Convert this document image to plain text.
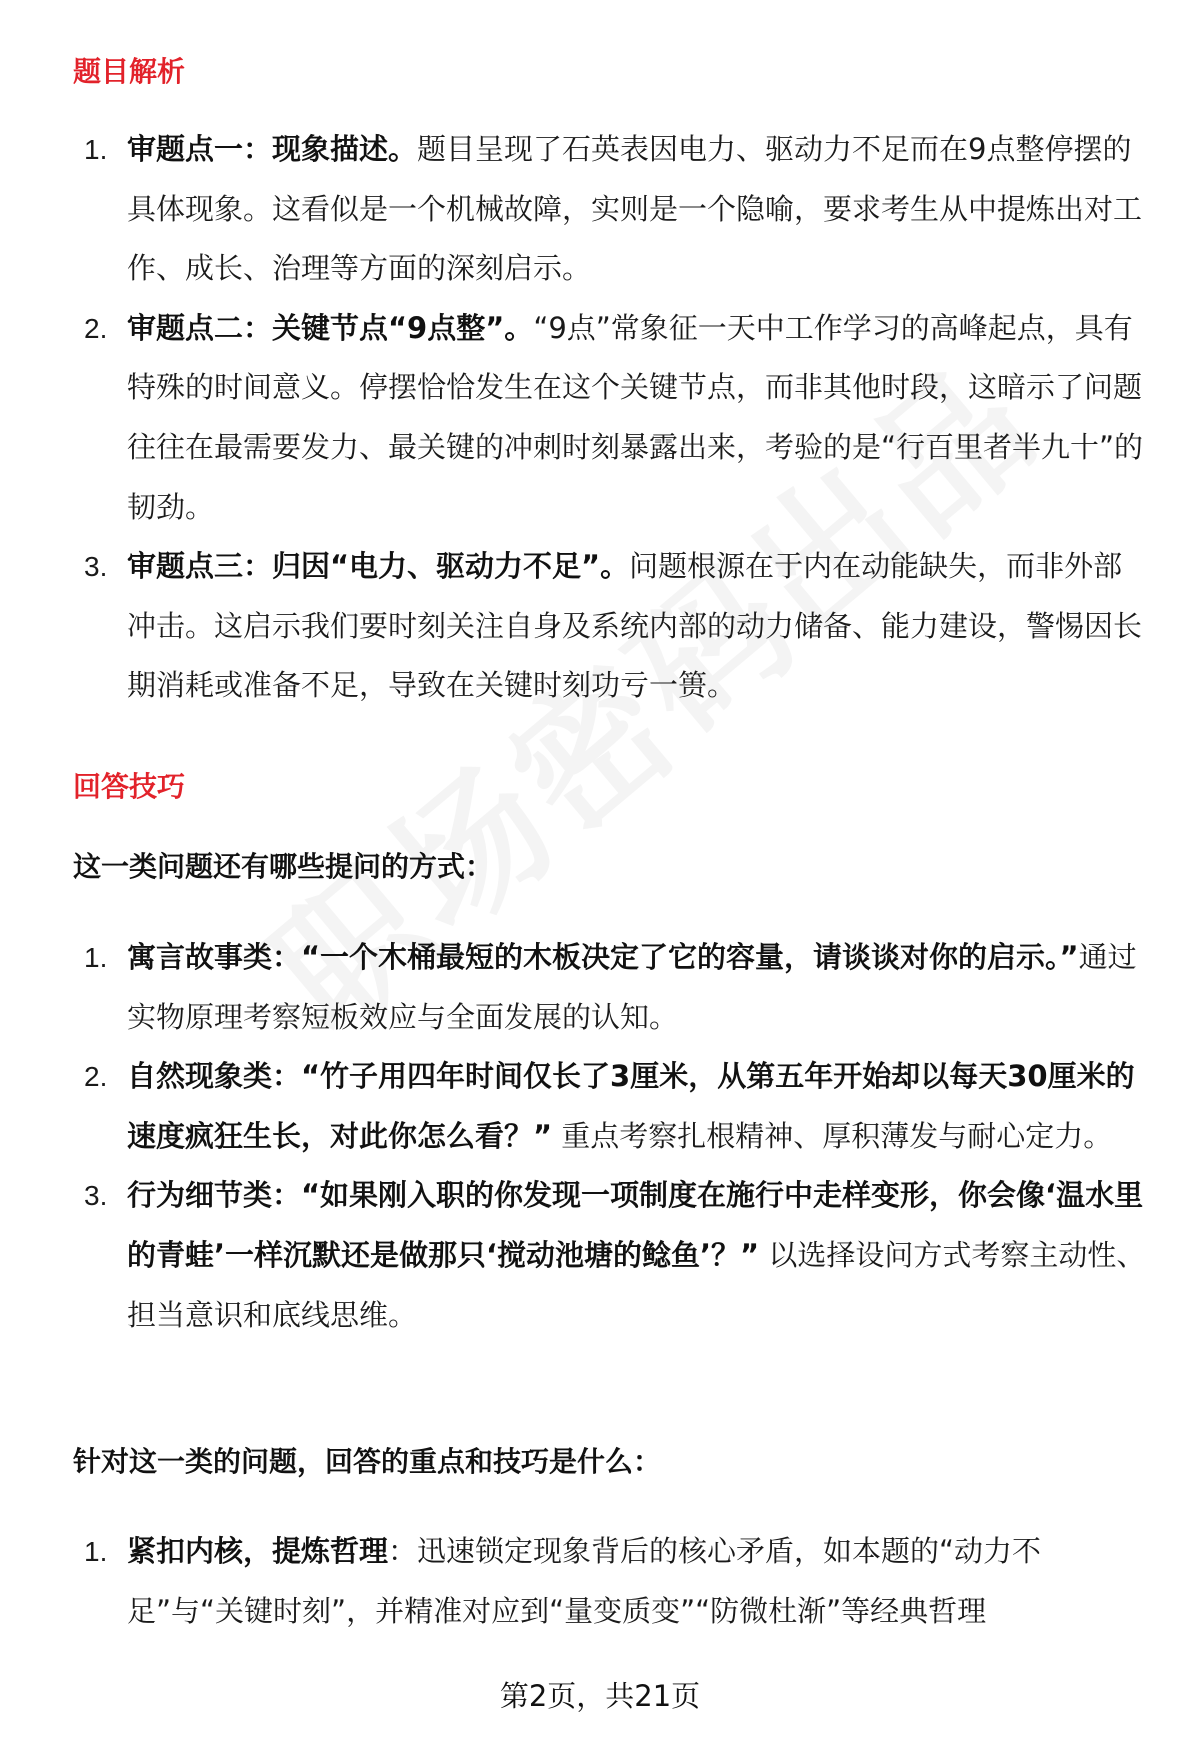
题目解析
1. 审题点一：现象描述。题目呈现了石英表因电力、驱动力不足而在9点整停摆的具体现象。这看似是一个机械故障，实则是一个隐喻，要求考生从中提炼出对工作、成长、治理等方面的深刻启示。
2. 审题点二：关键节点“9点整”。“9点”常象征一天中工作学习的高峰起点，具有特殊的时间意义。停摆恰恰发生在这个关键节点，而非其他时段，这暗示了问题往往在最需要发力、最关键的冲刺时刻暴露出来，考验的是“行百里者半九十”的韧劲。
3. 审题点三：归因“电力、驱动力不足”。问题根源在于内在动能缺失，而非外部冲击。这启示我们要时刻关注自身及系统内部的动力储备、能力建设，警惕因长期消耗或准备不足，导致在关键时刻功亏一篑。
回答技巧
这一类问题还有哪些提问的方式：
1. 寓言故事类：“一个木桶最短的木板决定了它的容量，请谈谈对你的启示。”通过实物原理考察短板效应与全面发展的认知。
2. 自然现象类：“竹子用四年时间仅长了3厘米，从第五年开始却以每天30厘米的速度疯狂生长，对此你怎么看？” 重点考察扎根精神、厚积薄发与耐心定力。
3. 行为细节类：“如果刚入职的你发现一项制度在施行中走样变形，你会像‘温水里的青蛙’一样沉默还是做那只‘搅动池塘的鲶鱼’？” 以选择设问方式考察主动性、担当意识和底线思维。
针对这一类的问题，回答的重点和技巧是什么：
1. 紧扣内核，提炼哲理：迅速锁定现象背后的核心矛盾，如本题的“动力不足”与“关键时刻”，并精准对应到“量变质变”“防微杜渐”等经典哲理
第2页，共21页
